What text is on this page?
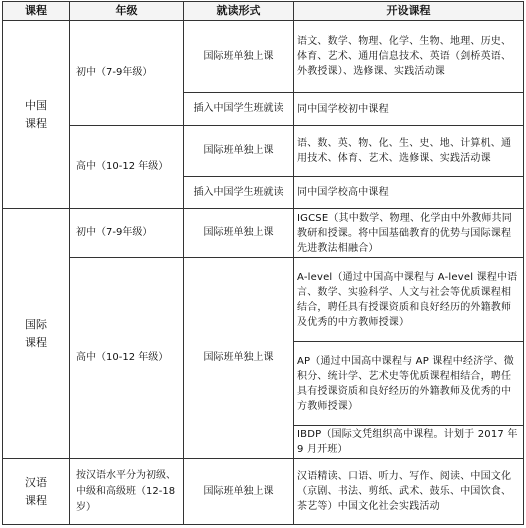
课程	年级	就读形式	开设课程
中国课程	初中（7-9年级）	国际班单独上课	语文、数学、物理、化学、生物、地理、历史、体育、艺术、通用信息技术、英语（剑桥英语、外教授课）、选修课、实践活动课
		插入中国学生班就读	同中国学校初中课程
	高中（10-12 年级）	国际班单独上课	语、数、英、物、化、生、史、地、计算机、通用技术、体育、艺术、选修课、实践活动课
		插入中国学生班就读	同中国学校高中课程
国际课程	初中（7-9年级）	国际班单独上课	IGCSE（其中数学、物理、化学由中外教师共同教研和授课。将中国基础教育的优势与国际课程先进教法相融合）
	高中（10-12 年级）	国际班单独上课	A-level（通过中国高中课程与 A-level 课程中语言、数学、实验科学、人文与社会等优质课程相结合，聘任具有授课资质和良好经历的外籍教师及优秀的中方教师授课）
			AP（通过中国高中课程与 AP 课程中经济学、微积分、统计学、艺术史等优质课程相结合，聘任具有授课资质和良好经历的外籍教师及优秀的中方教师授课）
			IBDP（国际文凭组织高中课程。计划于 2017 年 9 月开班）
汉语课程	按汉语水平分为初级、中级和高级班（12-18岁）	国际班单独上课	汉语精读、口语、听力、写作、阅读、中国文化（京剧、书法、剪纸、武术、鼓乐、中国饮食、茶艺等）中国文化社会实践活动
